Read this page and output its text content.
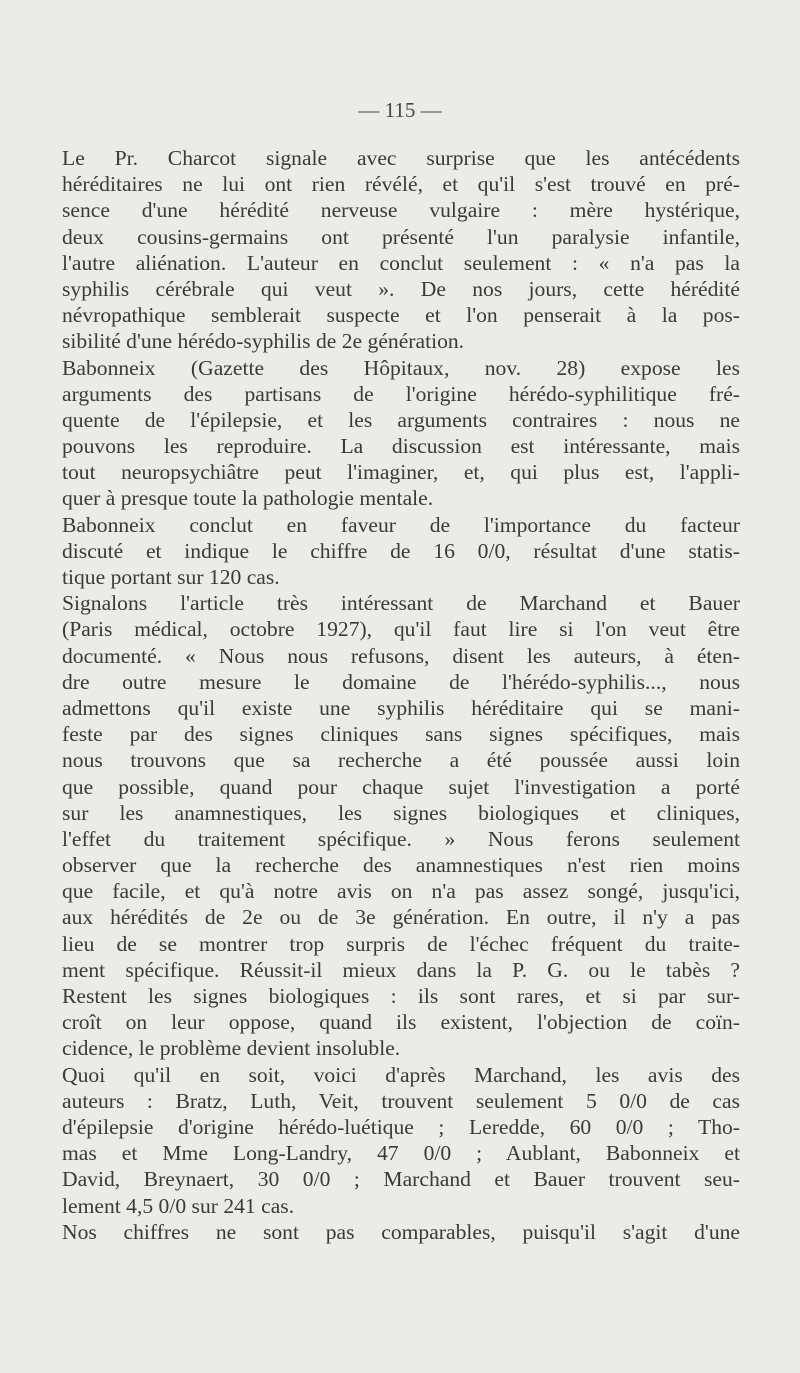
— 115 —
Le Pr. Charcot signale avec surprise que les antécédents
héréditaires ne lui ont rien révélé, et qu'il s'est trouvé en pré-
sence d'une hérédité nerveuse vulgaire : mère hystérique,
deux cousins-germains ont présenté l'un paralysie infantile,
l'autre aliénation. L'auteur en conclut seulement : « n'a pas la
syphilis cérébrale qui veut ». De nos jours, cette hérédité
névropathique semblerait suspecte et l'on penserait à la pos-
sibilité d'une hérédo-syphilis de 2e génération.
Babonneix (Gazette des Hôpitaux, nov. 28) expose les
arguments des partisans de l'origine hérédo-syphilitique fré-
quente de l'épilepsie, et les arguments contraires : nous ne
pouvons les reproduire. La discussion est intéressante, mais
tout neuropsychiâtre peut l'imaginer, et, qui plus est, l'appli-
quer à presque toute la pathologie mentale.
Babonneix conclut en faveur de l'importance du facteur
discuté et indique le chiffre de 16 0/0, résultat d'une statis-
tique portant sur 120 cas.
Signalons l'article très intéressant de Marchand et Bauer
(Paris médical, octobre 1927), qu'il faut lire si l'on veut être
documenté. « Nous nous refusons, disent les auteurs, à éten-
dre outre mesure le domaine de l'hérédo-syphilis..., nous
admettons qu'il existe une syphilis héréditaire qui se mani-
feste par des signes cliniques sans signes spécifiques, mais
nous trouvons que sa recherche a été poussée aussi loin
que possible, quand pour chaque sujet l'investigation a porté
sur les anamnestiques, les signes biologiques et cliniques,
l'effet du traitement spécifique. » Nous ferons seulement
observer que la recherche des anamnestiques n'est rien moins
que facile, et qu'à notre avis on n'a pas assez songé, jusqu'ici,
aux hérédités de 2e ou de 3e génération. En outre, il n'y a pas
lieu de se montrer trop surpris de l'échec fréquent du traite-
ment spécifique. Réussit-il mieux dans la P. G. ou le tabès ?
Restent les signes biologiques : ils sont rares, et si par sur-
croît on leur oppose, quand ils existent, l'objection de coïn-
cidence, le problème devient insoluble.
Quoi qu'il en soit, voici d'après Marchand, les avis des
auteurs : Bratz, Luth, Veit, trouvent seulement 5 0/0 de cas
d'épilepsie d'origine hérédo-luétique ; Leredde, 60 0/0 ; Tho-
mas et Mme Long-Landry, 47 0/0 ; Aublant, Babonneix et
David, Breynaert, 30 0/0 ; Marchand et Bauer trouvent seu-
lement 4,5 0/0 sur 241 cas.
Nos chiffres ne sont pas comparables, puisqu'il s'agit d'une
